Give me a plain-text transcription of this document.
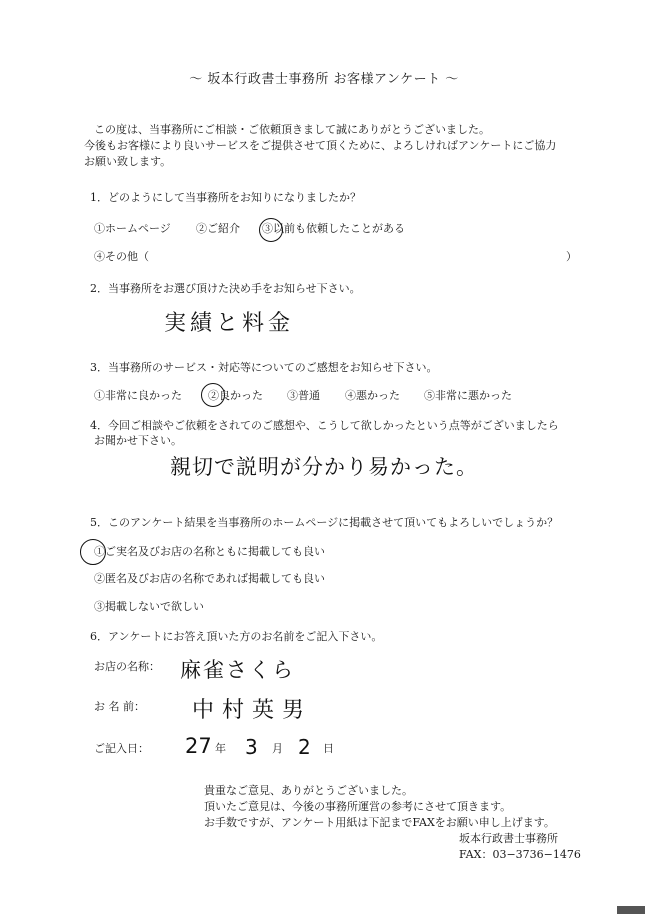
〜 坂本行政書士事務所 お客様アンケート 〜
この度は、当事務所にご相談・ご依頼頂きまして誠にありがとうございました。
今後もお客様により良いサービスをご提供させて頂くために、よろしければアンケートにご協力
お願い致します。
1．どのようにして当事務所をお知りになりましたか？
①ホームページ ②ご紹介 ③以前も依頼したことがある
④その他（	）
2．当事務所をお選び頂けた決め手をお知らせ下さい。
実績と料金
3．当事務所のサービス・対応等についてのご感想をお知らせ下さい。
①非常に良かった ②良かった ③普通 ④悪かった ⑤非常に悪かった
4．今回ご相談やご依頼をされてのご感想や、こうして欲しかったという点等がございましたら
お聞かせ下さい。
親切で説明が分かり易かった。
5．このアンケート結果を当事務所のホームページに掲載させて頂いてもよろしいでしょうか？
①ご実名及びお店の名称ともに掲載しても良い
②匿名及びお店の名称であれば掲載しても良い
③掲載しないで欲しい
6．アンケートにお答え頂いた方のお名前をご記入下さい。
お店の名称： 麻雀さくら
お 名 前： 中村英男
ご記入日： 27 年 3 月 2 日
貴重なご意見、ありがとうございました。
頂いたご意見は、今後の事務所運営の参考にさせて頂きます。
お手数ですが、アンケート用紙は下記までFAXをお願い申し上げます。
坂本行政書士事務所
FAX：03−3736−1476
